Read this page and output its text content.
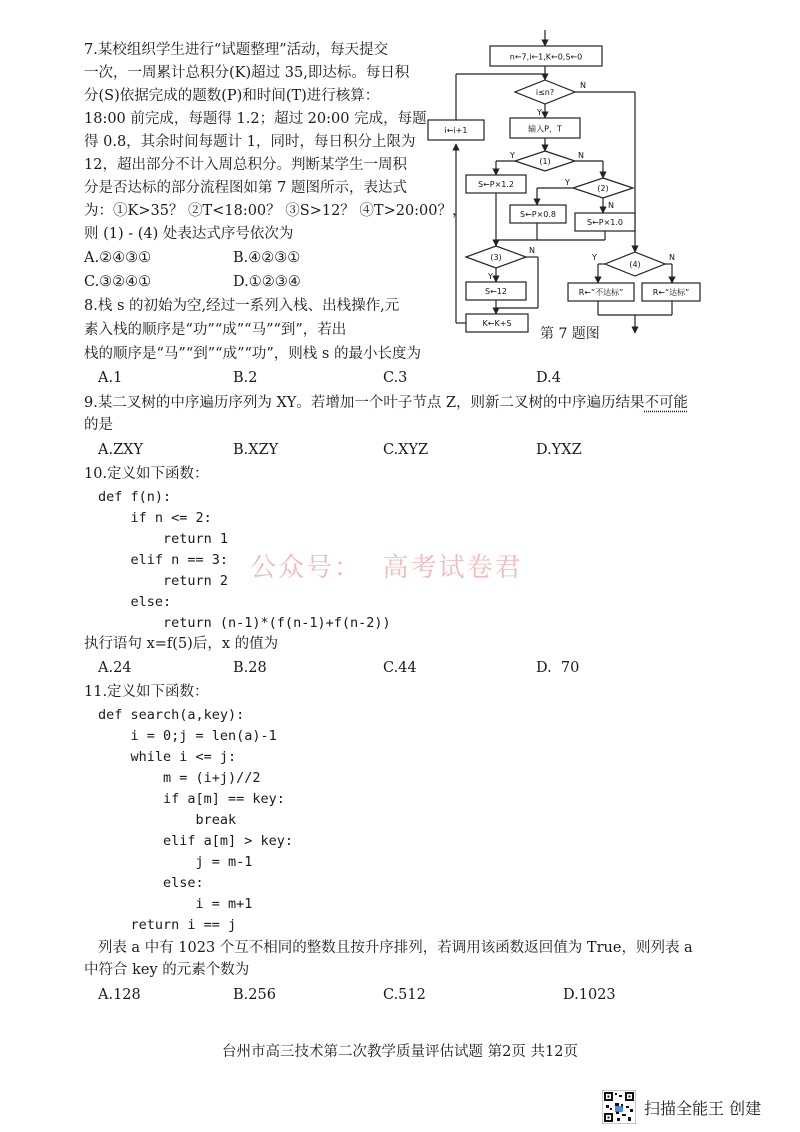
7.某校组织学生进行“试题整理”活动，每天提交
一次，一周累计总积分(K)超过 35,即达标。每日积
分(S)依据完成的题数(P)和时间(T)进行核算：
18:00 前完成，每题得 1.2；超过 20:00 完成，每题
得 0.8，其余时间每题计 1，同时，每日积分上限为
12，超出部分不计入周总积分。判断某学生一周积
分是否达标的部分流程图如第 7 题图所示，表达式
为：①K>35？ ②T<18:00？ ③S>12？ ④T>20:00？，
则 (1) - (4) 处表达式序号依次为
A.②④③①	B.④②③①
C.③②④①	D.①②③④
n←7,i←1,K←0,S←0
i≤n?
N
Y
i←i+1	输入P，T
(1)
Y	N
S←P×1.2	(2)
Y
N
S←P×0.8
S←P×1.0
(3)
Y
N
S←12
K←K+S
(4)
Y	N
R←“不达标”	R←“达标”
第 7 题图
8.栈 s 的初始为空,经过一系列入栈、出栈操作,元
素入栈的顺序是“功”“成”“马”“到”，若出
栈的顺序是“马”“到”“成”“功”，则栈 s 的最小长度为
A.1	B.2	C.3	D.4
9.某二叉树的中序遍历序列为 XY。若增加一个叶子节点 Z，则新二叉树的中序遍历结果不可能
的是
A.ZXY	B.XZY	C.XYZ	D.YXZ
10.定义如下函数：
def f(n):
if n <= 2:
return 1
elif n == 3:
return 2
else:
return (n-1)*(f(n-1)+f(n-2))
执行语句 x=f(5)后，x 的值为
A.24	B.28	C.44	D.  70
公众号：  高考试卷君
11.定义如下函数：
def search(a,key):
i = 0;j = len(a)-1
while i <= j:
m = (i+j)//2
if a[m] == key:
break
elif a[m] > key:
j = m-1
else:
i = m+1
return i == j
列表 a 中有 1023 个互不相同的整数且按升序排列，若调用该函数返回值为 True，则列表 a
中符合 key 的元素个数为
A.128	B.256	C.512	D.1023
台州市高三技术第二次教学质量评估试题 第2页 共12页
扫描全能王 创建
